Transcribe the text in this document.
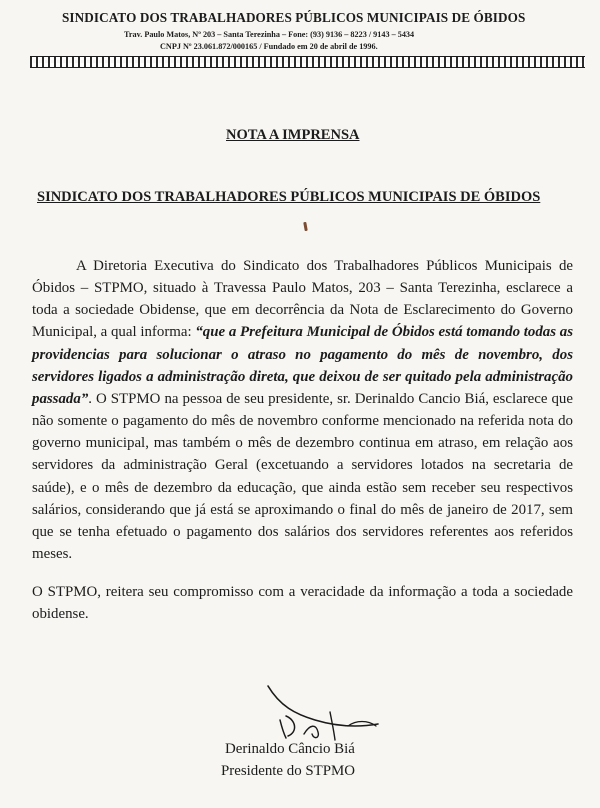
SINDICATO DOS TRABALHADORES PÚBLICOS MUNICIPAIS DE ÓBIDOS
Trav. Paulo Matos, Nº 203 – Santa Terezinha – Fone: (93) 9136 – 8223 / 9143 – 5434
CNPJ Nº 23.061.872/000165 / Fundado em 20 de abril de 1996.
NOTA A IMPRENSA
SINDICATO DOS TRABALHADORES PÚBLICOS MUNICIPAIS DE ÓBIDOS

A Diretoria Executiva do Sindicato dos Trabalhadores Públicos Municipais de Óbidos – STPMO, situado à Travessa Paulo Matos, 203 – Santa Terezinha, esclarece a toda a sociedade Obidense, que em decorrência da Nota de Esclarecimento do Governo Municipal, a qual informa: “que a Prefeitura Municipal de Óbidos está tomando todas as providencias para solucionar o atraso no pagamento do mês de novembro, dos servidores ligados a administração direta, que deixou de ser quitado pela administração passada”. O STPMO na pessoa de seu presidente, sr. Derinaldo Cancio Biá, esclarece que não somente o pagamento do mês de novembro conforme mencionado na referida nota do governo municipal, mas também o mês de dezembro continua em atraso, em relação aos servidores da administração Geral (excetuando a servidores lotados na secretaria de saúde), e o mês de dezembro da educação, que ainda estão sem receber seu respectivos salários, considerando que já está se aproximando o final do mês de janeiro de 2017, sem que se tenha efetuado o pagamento dos salários dos servidores referentes aos referidos meses.

O STPMO, reitera seu compromisso com a veracidade da informação a toda a sociedade obidense.

Derinaldo Câncio Biá
Presidente do STPMO
